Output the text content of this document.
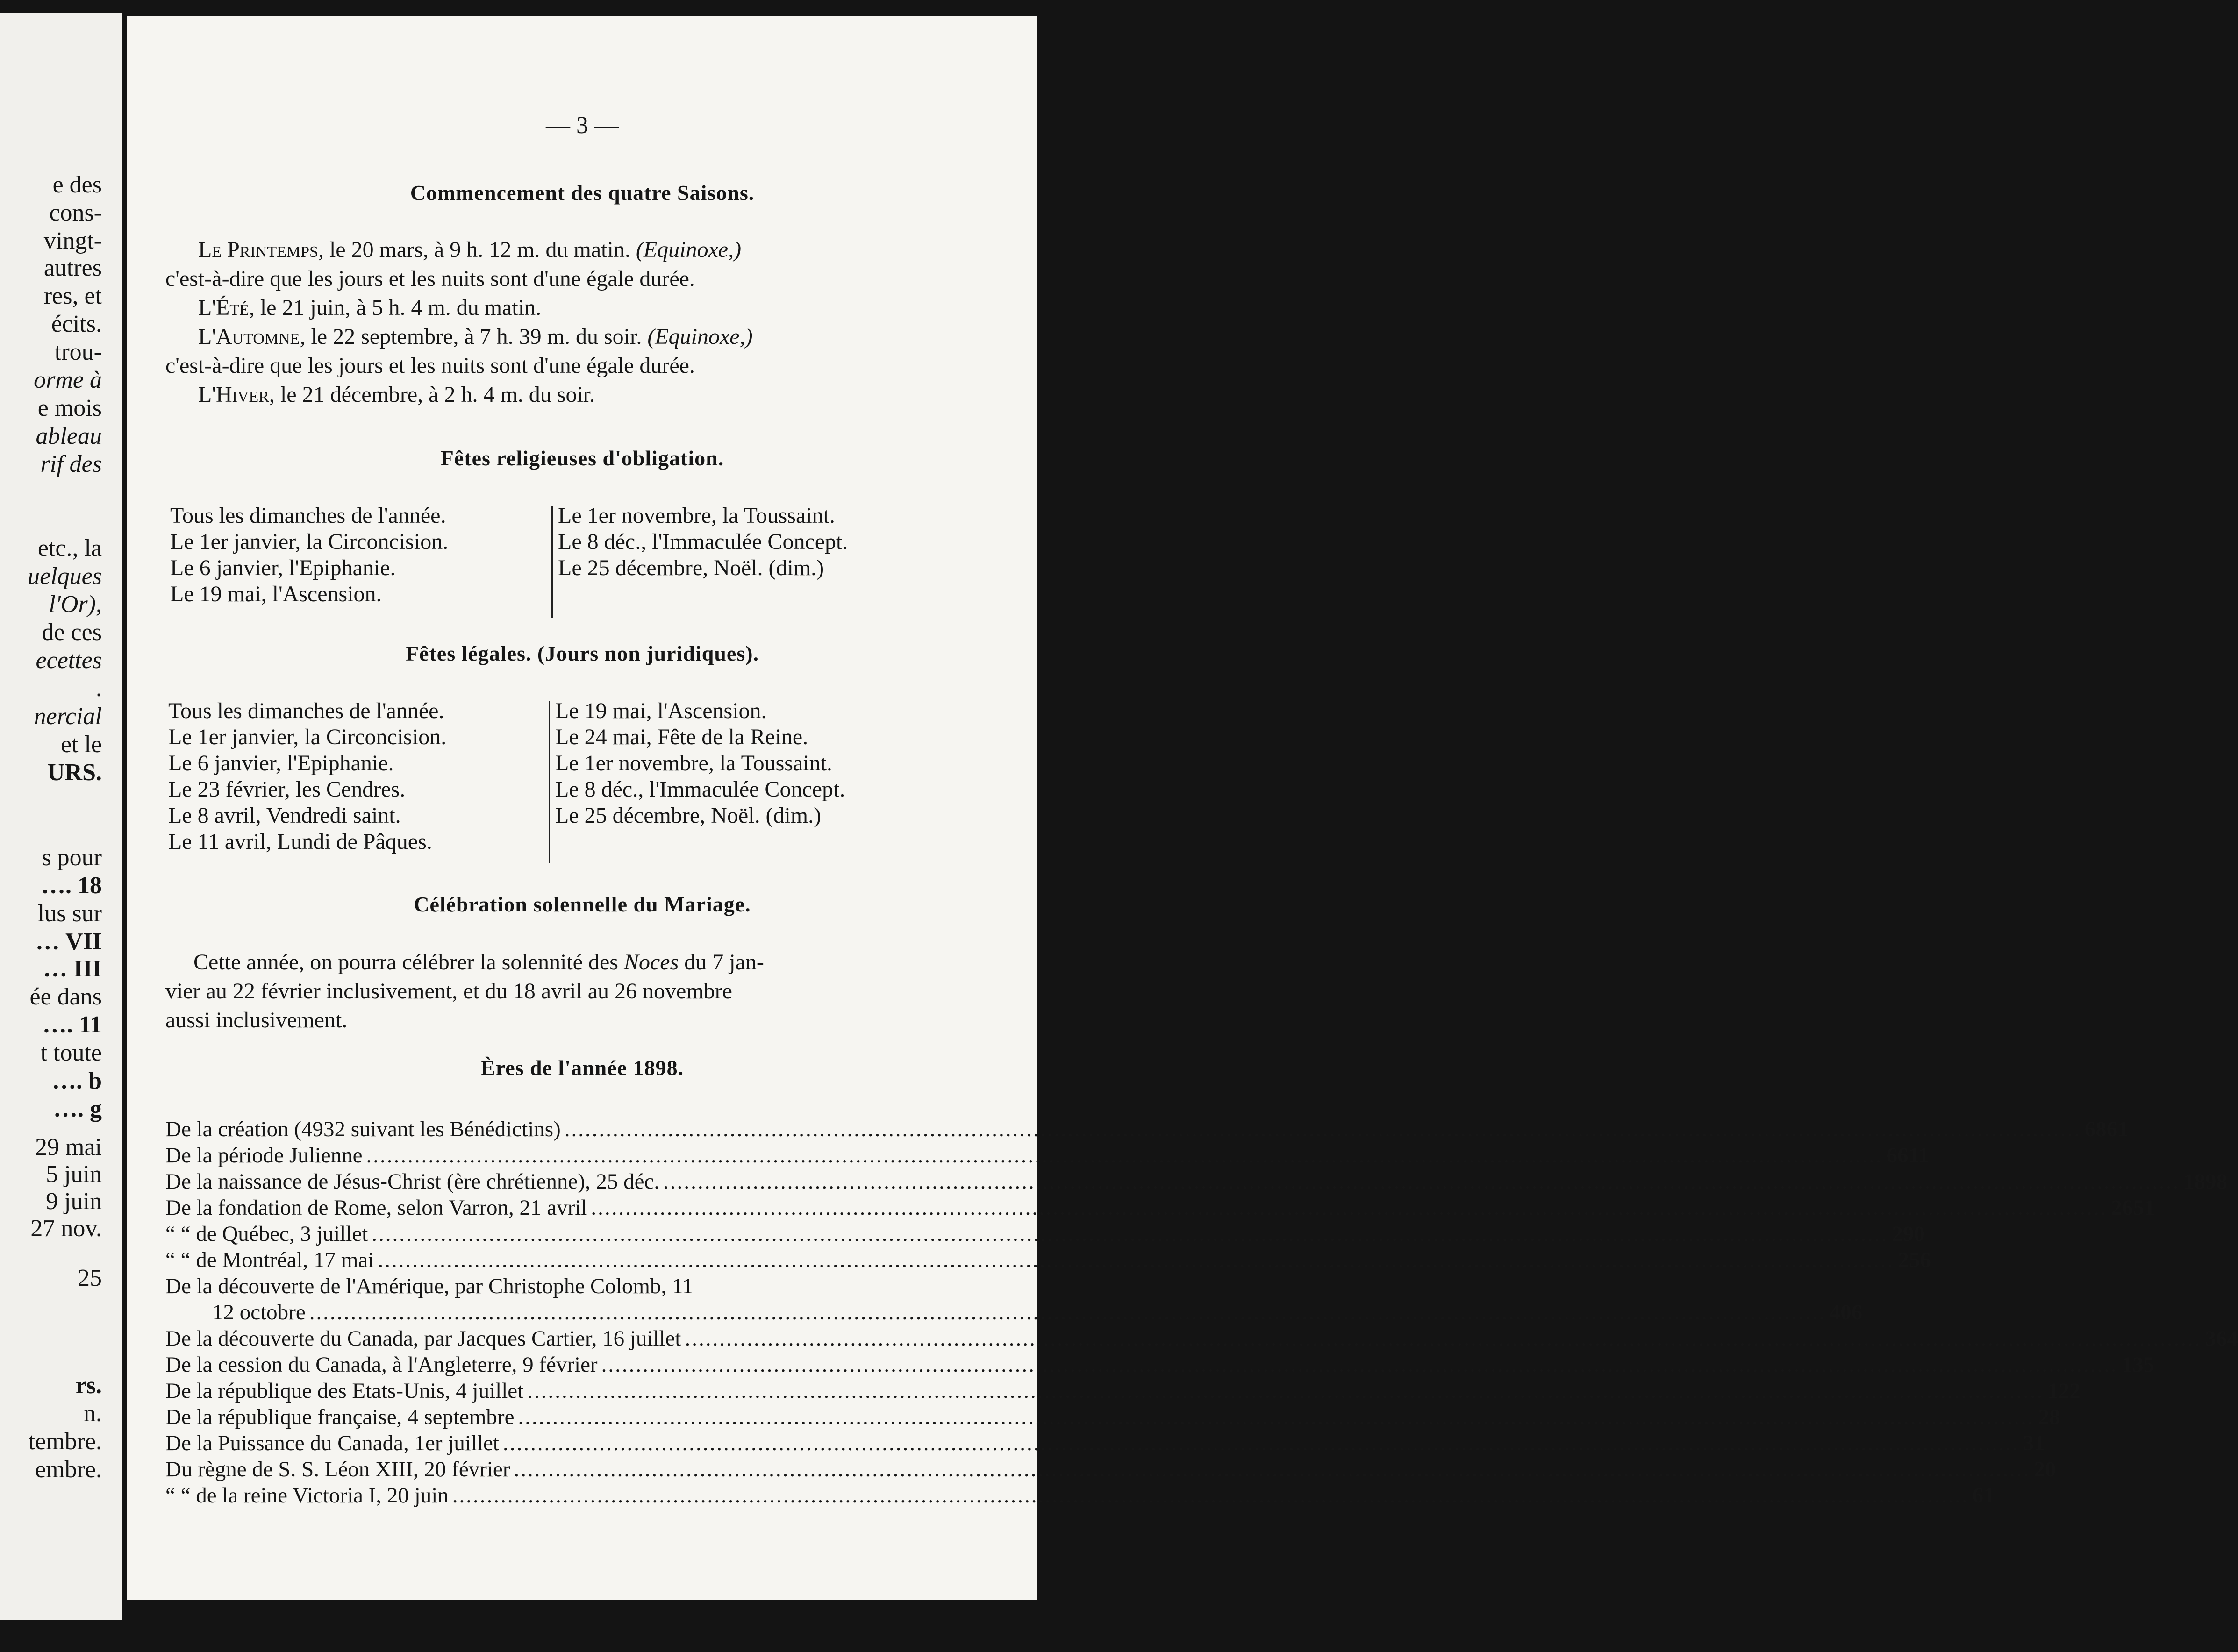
e des
cons-
vingt-
autres
res, et
écits.
trou-
orme à
e mois
ableau
rif des
etc., la
uelques
l'Or),
de ces
ecettes
.
nercial
et le
URS.
s pour
…. 18
lus sur
… VII
… III
ée dans
…. 11
t toute
…. b
…. g
29 mai
5 juin
9 juin
27 nov.
25
rs.
n.
tembre.
embre.
— 3 —
Commencement des quatre Saisons.

Le Printemps, le 20 mars, à 9 h. 12 m. du matin. (Equinoxe,)

c'est-à-dire que les jours et les nuits sont d'une égale durée.

L'Été, le 21 juin, à 5 h. 4 m. du matin.

L'Automne, le 22 septembre, à 7 h. 39 m. du soir. (Equinoxe,)

c'est-à-dire que les jours et les nuits sont d'une égale durée.

L'Hiver, le 21 décembre, à 2 h. 4 m. du soir.

Fêtes religieuses d'obligation.
Tous les dimanches de l'année.
Le 1er janvier, la Circoncision.
Le 6 janvier, l'Epiphanie.
Le 19 mai, l'Ascension.
Le 1er novembre, la Toussaint.
Le 8 déc., l'Immaculée Concept.
Le 25 décembre, Noël. (dim.)
Fêtes légales. (Jours non juridiques).
Tous les dimanches de l'année.
Le 1er janvier, la Circoncision.
Le 6 janvier, l'Epiphanie.
Le 23 février, les Cendres.
Le 8 avril, Vendredi saint.
Le 11 avril, Lundi de Pâques.
Le 19 mai, l'Ascension.
Le 24 mai, Fête de la Reine.
Le 1er novembre, la Toussaint.
Le 8 déc., l'Immaculée Concept.
Le 25 décembre, Noël. (dim.)
Célébration solennelle du Mariage.

Cette année, on pourra célébrer la solennité des Noces du 7 jan-

vier au 22 février inclusivement, et du 18 avril au 26 novembre

aussi inclusivement.

Ères de l'année 1898.
De la création (4932 suivant les Bénédictins) ............................................................................................................................................................................................................................ 6861
De la période Julienne ............................................................................................................................................................................................................................ 6611
De la naissance de Jésus-Christ (ère chrétienne), 25 déc. ............................................................................................................................................................................................................................ 1898
De la fondation de Rome, selon Varron, 21 avril ............................................................................................................................................................................................................................ 2651
“ “ de Québec, 3 juillet ............................................................................................................................................................................................................................ 290
“ “ de Montréal, 17 mai ............................................................................................................................................................................................................................ 256
De la découverte de l'Amérique, par Christophe Colomb, 11
12 octobre ............................................................................................................................................................................................................................ 406
De la découverte du Canada, par Jacques Cartier, 16 juillet ............................................................................................................................................................................................................................ 364
De la cession du Canada, à l'Angleterre, 9 février ............................................................................................................................................................................................................................ 135
De la république des Etats-Unis, 4 juillet ............................................................................................................................................................................................................................ 122
De la république française, 4 septembre ............................................................................................................................................................................................................................ 28
De la Puissance du Canada, 1er juillet ............................................................................................................................................................................................................................ 31
Du règne de S. S. Léon XIII, 20 février ............................................................................................................................................................................................................................ 20
“ “ de la reine Victoria I, 20 juin ............................................................................................................................................................................................................................ 61
